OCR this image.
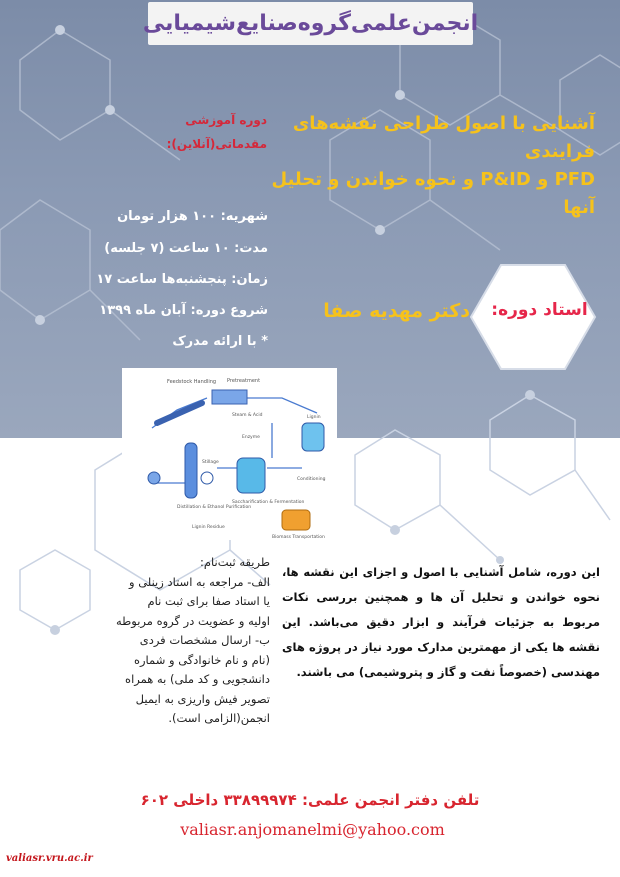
انجمن‌علمی‌گروه‌صنایع‌شیمیایی
آشنایی با اصول طراحی نقشه‌های فرایندی
PFD و P&ID و نحوه خواندن و تحلیل آنها
دوره آموزشی
مقدماتی(آنلاین):
شهریه: ۱۰۰ هزار تومان
مدت: ۱۰ ساعت (۷ جلسه)
زمان: پنجشنبه‌ها ساعت ۱۷
شروع دوره: آبان ماه ۱۳۹۹
* با ارائه مدرک
استاد دوره:
دکتر مهدیه صفا
Feedstock Handling Pretreatment
Steam & Acid	Lignin
Enzyme
Saccharification & Fermentation
Distillation & Ethanol Purification
Stillage
Conditioning
Lignin Residue
Biomass Transportation
این دوره، شامل آشنایی با اصول و اجزای این نقشه ها، نحوه خواندن و تحلیل آن ها و همچنین بررسی نکات مربوط به جزئیات فرآیند و ابزار دقیق می‌باشد. این نقشه ها یکی از مهمترین مدارک مورد نیاز در پروژه های مهندسی (خصوصاً نفت و گاز و پتروشیمی) می باشند.
طریقه ثبت‌نام:
الف- مراجعه به استاد زینلی و
یا استاد صفا برای ثبت نام
اولیه و عضویت در گروه مربوطه
ب- ارسال مشخصات فردی
(نام و نام خانوادگی و شماره
دانشجویی و کد ملی) به همراه
تصویر فیش واریزی به ایمیل
انجمن(الزامی است).
تلفن دفتر انجمن علمی: ۳۳۸۹۹۹۷۴ داخلی ۶۰۲
valiasr.anjomanelmi@yahoo.com
valiasr.vru.ac.ir
